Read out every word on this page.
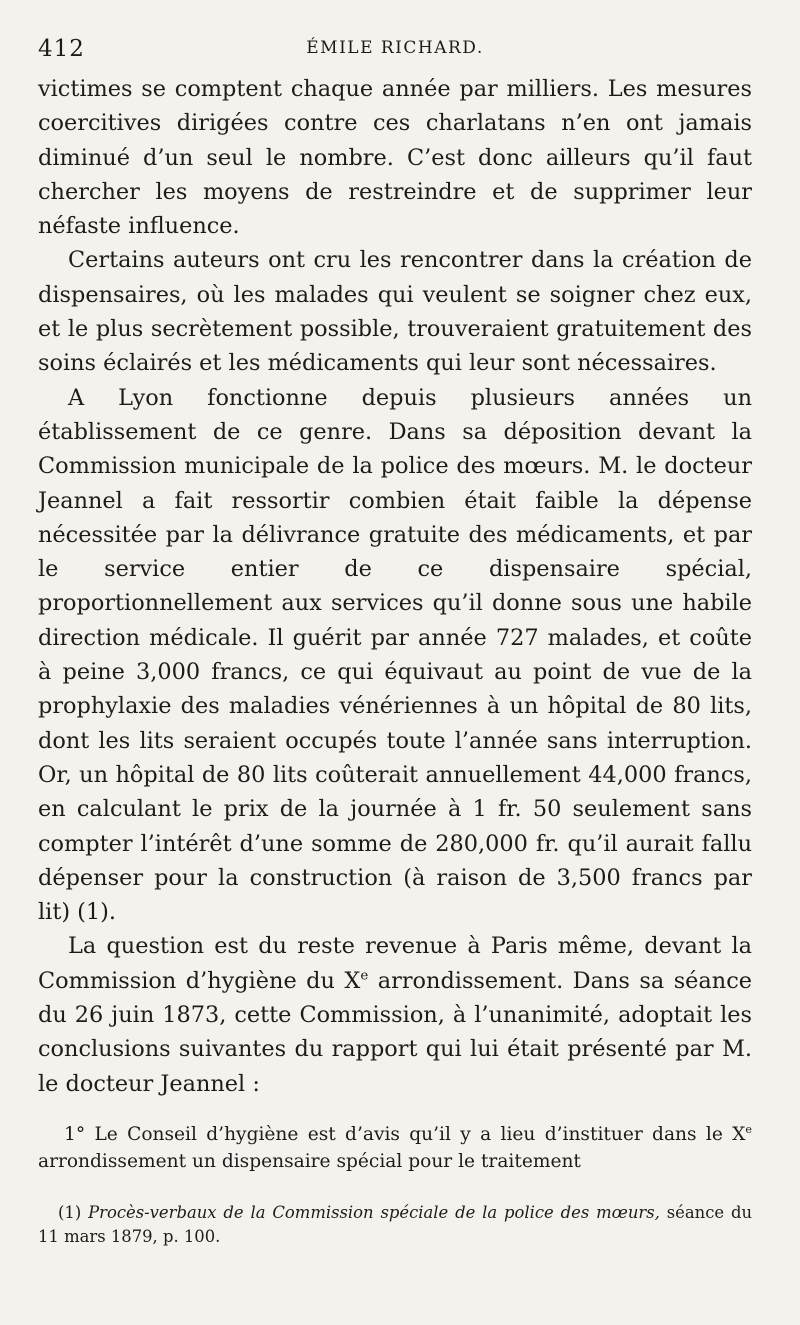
412	ÉMILE RICHARD.

victimes se comptent chaque année par milliers. Les mesures coercitives dirigées contre ces charlatans n’en ont jamais diminué d’un seul le nombre. C’est donc ailleurs qu’il faut chercher les moyens de restreindre et de supprimer leur néfaste influence.

Certains auteurs ont cru les rencontrer dans la création de dispensaires, où les malades qui veulent se soigner chez eux, et le plus secrètement possible, trouveraient gratuitement des soins éclairés et les médicaments qui leur sont nécessaires.

A Lyon fonctionne depuis plusieurs années un établissement de ce genre. Dans sa déposition devant la Commission municipale de la police des mœurs. M. le docteur Jeannel a fait ressortir combien était faible la dépense nécessitée par la délivrance gratuite des médicaments, et par le service entier de ce dispensaire spécial, proportionnellement aux services qu’il donne sous une habile direction médicale. Il guérit par année 727 malades, et coûte à peine 3,000 francs, ce qui équivaut au point de vue de la prophylaxie des maladies vénériennes à un hôpital de 80 lits, dont les lits seraient occupés toute l’année sans interruption. Or, un hôpital de 80 lits coûterait annuellement 44,000 francs, en calculant le prix de la journée à 1 fr. 50 seulement sans compter l’intérêt d’une somme de 280,000 fr. qu’il aurait fallu dépenser pour la construction (à raison de 3,500 francs par lit) (1).

La question est du reste revenue à Paris même, devant la Commission d’hygiène du Xe arrondissement. Dans sa séance du 26 juin 1873, cette Commission, à l’unanimité, adoptait les conclusions suivantes du rapport qui lui était présenté par M. le docteur Jeannel :

1° Le Conseil d’hygiène est d’avis qu’il y a lieu d’instituer dans le Xe arrondissement un dispensaire spécial pour le traitement
(1) Procès-verbaux de la Commission spéciale de la police des mœurs, séance du 11 mars 1879, p. 100.
